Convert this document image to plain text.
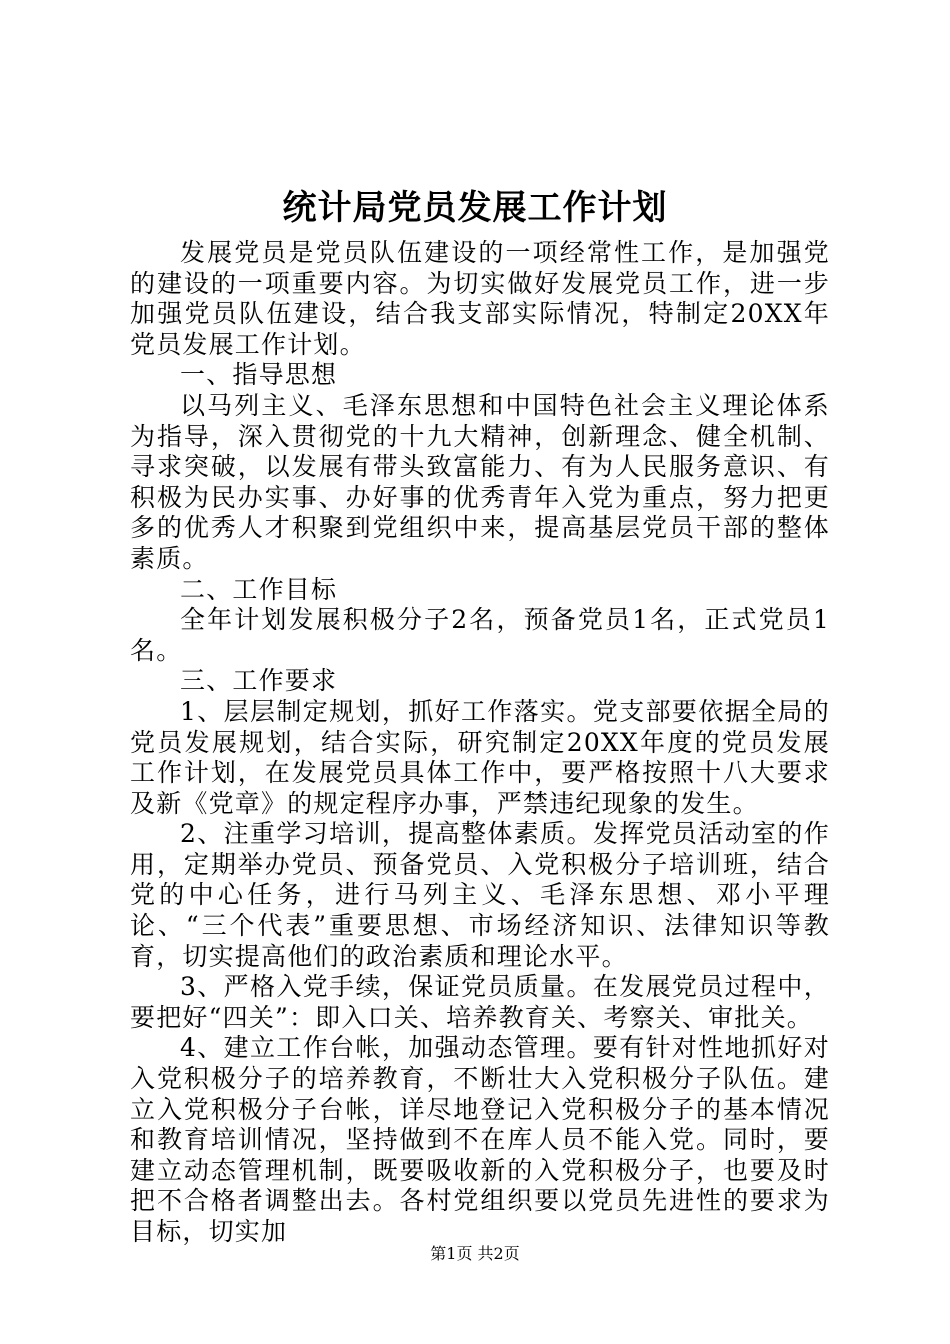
统计局党员发展工作计划

发展党员是党员队伍建设的一项经常性工作，是加强党的建设的一项重要内容。为切实做好发展党员工作，进一步加强党员队伍建设，结合我支部实际情况，特制定20XX年党员发展工作计划。

一、指导思想

以马列主义、毛泽东思想和中国特色社会主义理论体系为指导，深入贯彻党的十九大精神，创新理念、健全机制、寻求突破，以发展有带头致富能力、有为人民服务意识、有积极为民办实事、办好事的优秀青年入党为重点，努力把更多的优秀人才积聚到党组织中来，提高基层党员干部的整体素质。

二、工作目标

全年计划发展积极分子2名，预备党员1名，正式党员1名。

三、工作要求

1、层层制定规划，抓好工作落实。党支部要依据全局的党员发展规划，结合实际，研究制定20XX年度的党员发展工作计划，在发展党员具体工作中，要严格按照十八大要求及新《党章》的规定程序办事，严禁违纪现象的发生。

2、注重学习培训，提高整体素质。发挥党员活动室的作用，定期举办党员、预备党员、入党积极分子培训班，结合党的中心任务，进行马列主义、毛泽东思想、邓小平理论、“三个代表”重要思想、市场经济知识、法律知识等教育，切实提高他们的政治素质和理论水平。

3、严格入党手续，保证党员质量。在发展党员过程中，要把好“四关”：即入口关、培养教育关、考察关、审批关。

4、建立工作台帐，加强动态管理。要有针对性地抓好对入党积极分子的培养教育，不断壮大入党积极分子队伍。建立入党积极分子台帐，详尽地登记入党积极分子的基本情况和教育培训情况，坚持做到不在库人员不能入党。同时，要建立动态管理机制，既要吸收新的入党积极分子，也要及时把不合格者调整出去。各村党组织要以党员先进性的要求为目标，切实加

第1页 共2页
